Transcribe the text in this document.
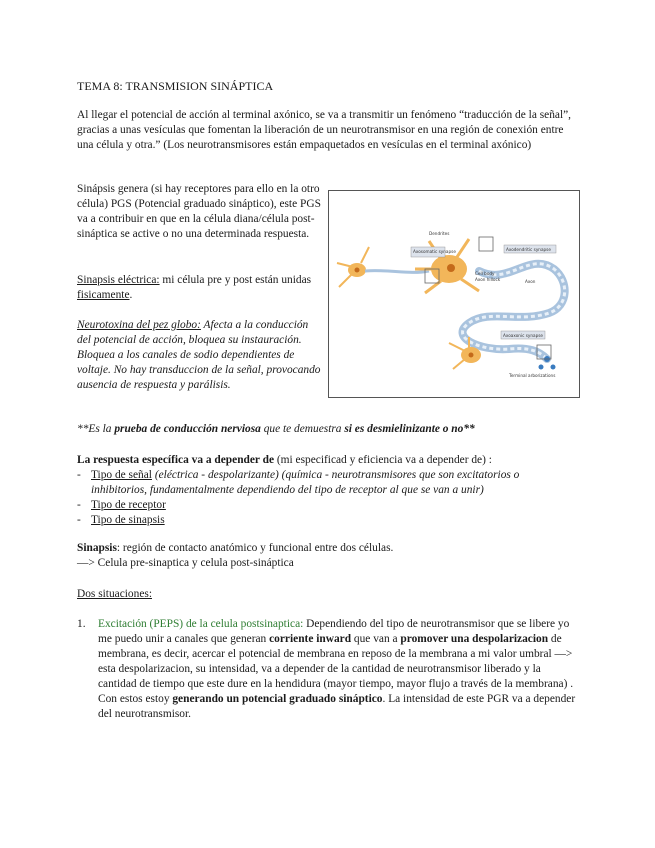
TEMA 8: TRANSMISION SINÁPTICA

Al llegar el potencial de acción al terminal axónico, se va a transmitir un fenómeno “traducción de la señal”, gracias a unas vesículas que fomentan la liberación de un neurotransmisor en una región de conexión entre una célula y otra.” (Los neurotransmisores están empaquetados en vesículas en el terminal axónico)

Sinápsis genera (si hay receptores para ello en la otro célula) PGS (Potencial graduado sináptico), este PGS va a contribuir en que en la célula diana/célula post-sináptica se active o no una determinada respuesta.

Sinapsis eléctrica: mi célula pre y post están unidas fisicamente.

Neurotoxina del pez globo: Afecta a la conducción del potencial de acción, bloquea su instauración. Bloquea a los canales de sodio dependientes de voltaje. No hay transduccion de la señal, provocando ausencia de respuesta y parálisis.

Dendrites
Axosomatic synapse	Axodendritic synapse
Cell body
Axon hillock	Axon
Axoaxonic synapse
Terminal arborizations

**Es la prueba de conducción nerviosa que te demuestra si es desmielinizante o no**

La respuesta específica va a depender de (mi especificad y eficiencia va a depender de) :

- Tipo de señal (eléctrica - despolarizante) (química - neurotransmisores que son excitatorios o inhibitorios, fundamentalmente dependiendo del tipo de receptor al que se van a unir)
- Tipo de receptor
- Tipo de sinapsis

Sinapsis: región de contacto anatómico y funcional entre dos células.
—> Celula pre-sinaptica y celula post-sináptica

Dos situaciones:

1. Excitación (PEPS) de la celula postsinaptica: Dependiendo del tipo de neurotransmisor que se libere yo me puedo unir a canales que generan corriente inward que van a promover una despolarizacion de membrana, es decir, acercar el potencial de membrana en reposo de la membrana a mi valor umbral —> esta despolarizacion, su intensidad, va a depender de la cantidad de neurotransmisor liberado y la cantidad de tiempo que este dure en la hendidura (mayor tiempo, mayor flujo a través de la membrana) . Con estos estoy generando un potencial graduado sináptico. La intensidad de este PGR va a depender del neurotransmisor.
